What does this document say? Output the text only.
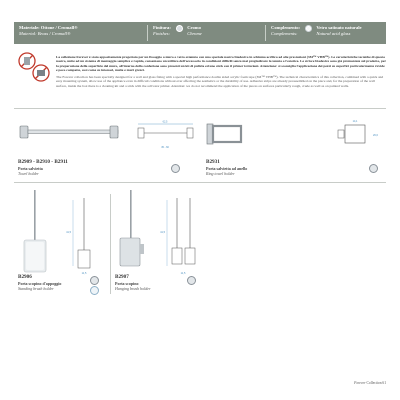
Materiale: Ottone / Cromall®
Material: Brass / Cromall®
Finitura:
Finishes:

Cromo
Chrome
Complemento:
Complements:

Vetro satinato naturale
Natural acid glass

La collezione Forever è stata appositamente progettata per un fissaggio a muro o vetro ottenuto con uno speciale nastro biadesivo in schiuma acrilica ad alte prestazioni (3M™ VHB™). Le caratteristiche tecniche di questo nastro, unite ad un sistema di montaggio semplice e rapido, consentono un utilizzo dell'accessorio in condizioni difficili senza mai pregiudicare la tenuta o l'estetica. Le strisce biadesive sono già premontate sul prodotto, per la preparazione della superficie del muro, all'interno della confezione sono presenti un kit di pulizia ed uno stick con il primer istruzioni. Attenzione: si sconsiglia l'applicazione dei pezzi su superfici particolarmente ruvide e poco compatte, così come su intonaci, malte e muri grezzi.

The Forever collection has been specially designed for a wall and glass fixing with a special high performance double sided acrylic foam tape (3M™ VHB™). The technical characteristics of this collection, combined with a quick and easy mounting system, allow use of the appliance even in difficult conditions without ever affecting the aesthetics or the durability of use. Adhesive strips are already preassembled on the piece and, for the preparation of the wall surface, inside the box there is a cleaning kit and a stick with the activator primer. Attention: we do not recommend the application of the pieces on surfaces particularly rough, crude as well as on painted walls.

62,5
45 - 60
B2909 - B2910 - B2911
Porta salvietta
Towel holder
14,1
26,6
B2931
Porta salvietta ad anello
Ring towel holder
41,5
11,5
B2906
Porta scopino d'appoggio
Standing brush holder
41,5
11,5
B2907
Porta scopino
Hanging brush holder
Forever Collection 61
